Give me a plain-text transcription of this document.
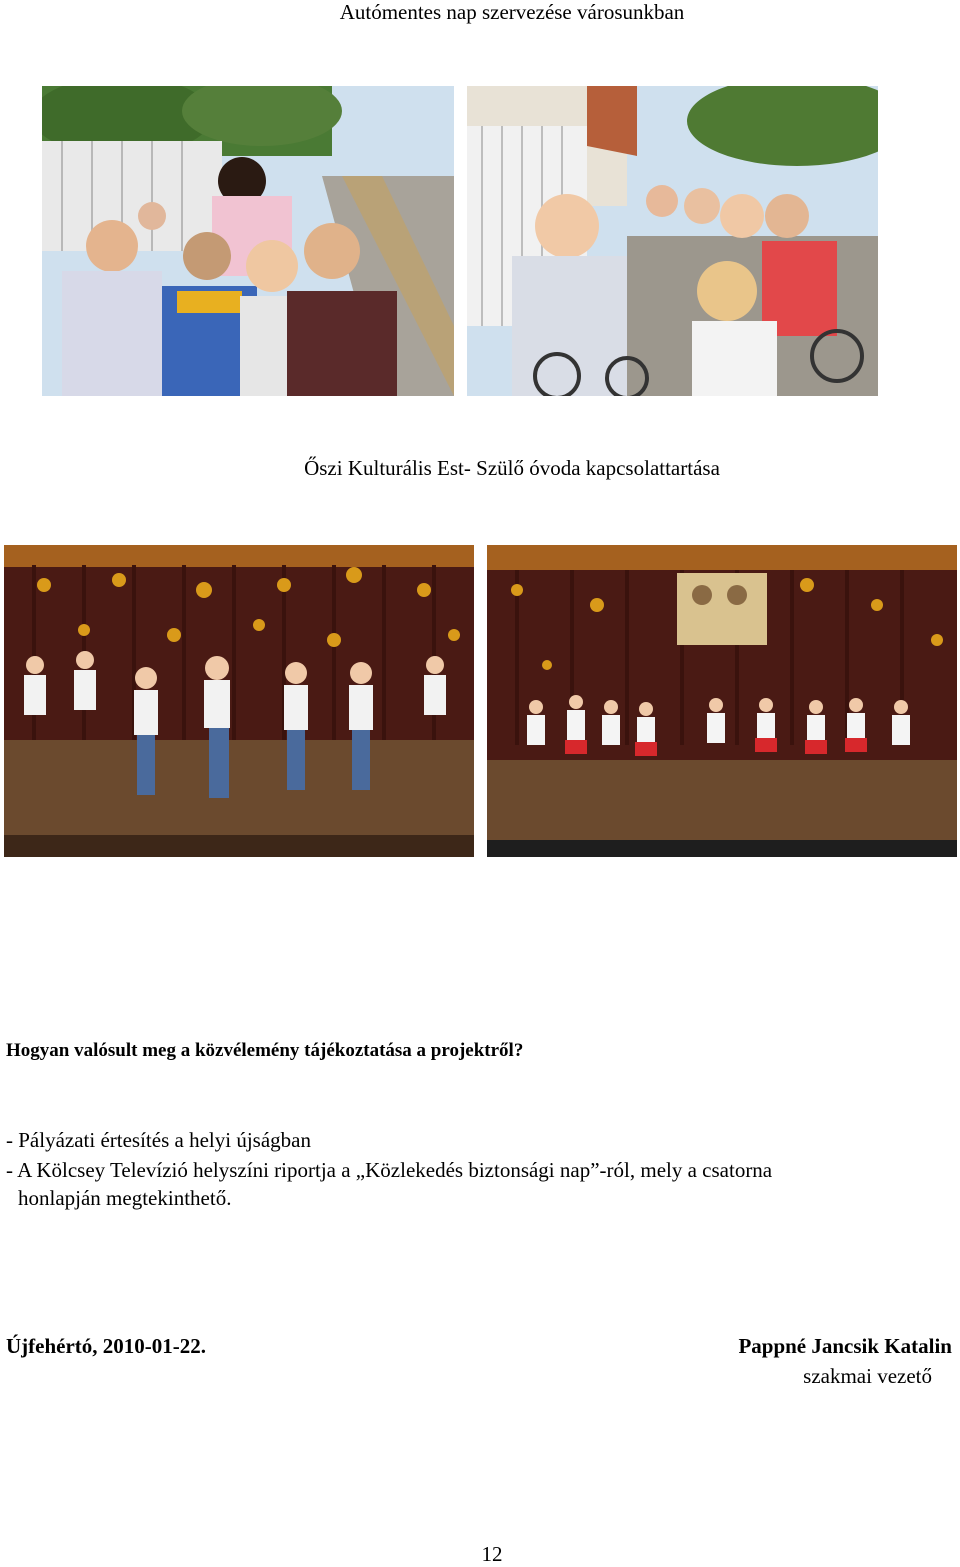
Autómentes nap szervezése városunkban
Őszi Kulturális Est- Szülő óvoda kapcsolattartása
Hogyan valósult meg a közvélemény tájékoztatása a projektről?
- Pályázati értesítés a helyi újságban
- A Kölcsey Televízió helyszíni riportja a „Közlekedés biztonsági nap”-ról, mely a csatorna
honlapján megtekinthető.
Újfehértó, 2010-01-22.	Pappné Jancsik Katalin
szakmai vezető
12
